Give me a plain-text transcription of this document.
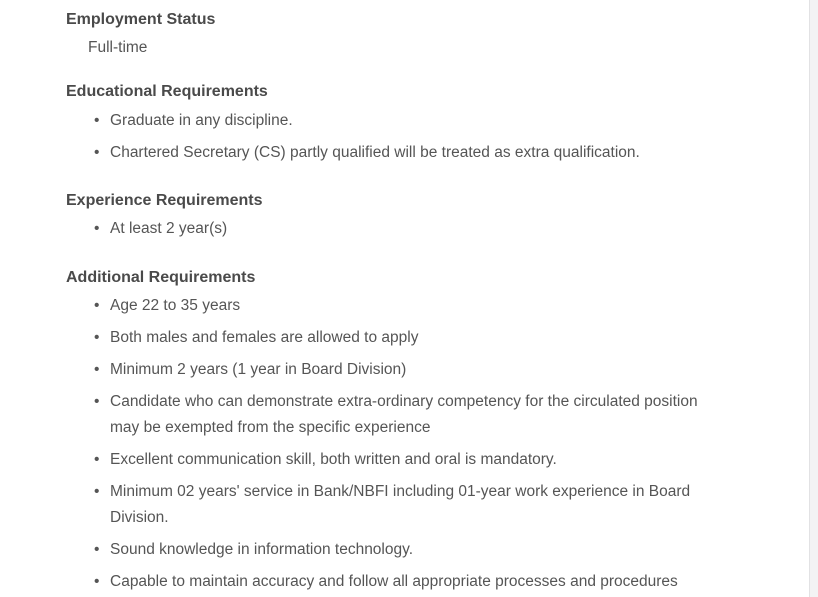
Employment Status
Full-time
Educational Requirements
• Graduate in any discipline.
• Chartered Secretary (CS) partly qualified will be treated as extra qualification.
Experience Requirements
• At least 2 year(s)
Additional Requirements
• Age 22 to 35 years
• Both males and females are allowed to apply
• Minimum 2 years (1 year in Board Division)
• Candidate who can demonstrate extra-ordinary competency for the circulated position may be exempted from the specific experience
• Excellent communication skill, both written and oral is mandatory.
• Minimum 02 years' service in Bank/NBFI including 01-year work experience in Board Division.
• Sound knowledge in information technology.
• Capable to maintain accuracy and follow all appropriate processes and procedures
